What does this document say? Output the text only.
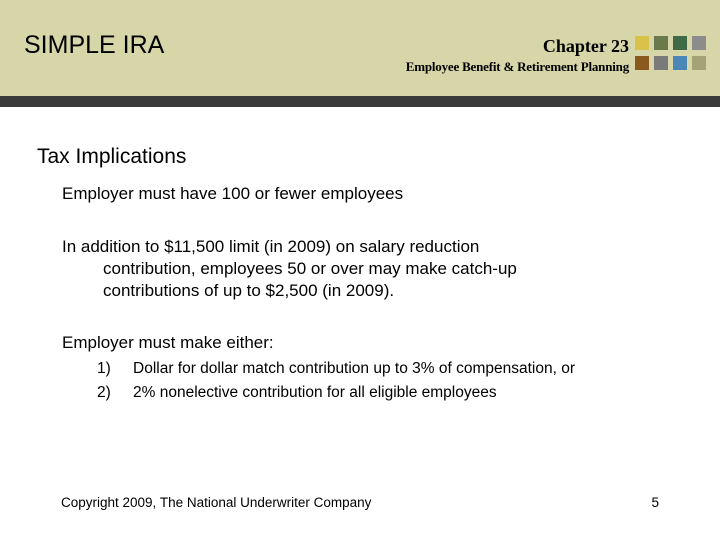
SIMPLE IRA	Chapter 23
Employee Benefit & Retirement Planning
Tax Implications
Employer must have 100 or fewer employees
In addition to $11,500 limit (in 2009) on salary reduction
contribution, employees 50 or over may make catch-up
contributions of up to $2,500 (in 2009).
Employer must make either:
1)	Dollar for dollar match contribution up to 3% of compensation, or
2)	2% nonelective contribution for all eligible employees
Copyright 2009, The National Underwriter Company	5
